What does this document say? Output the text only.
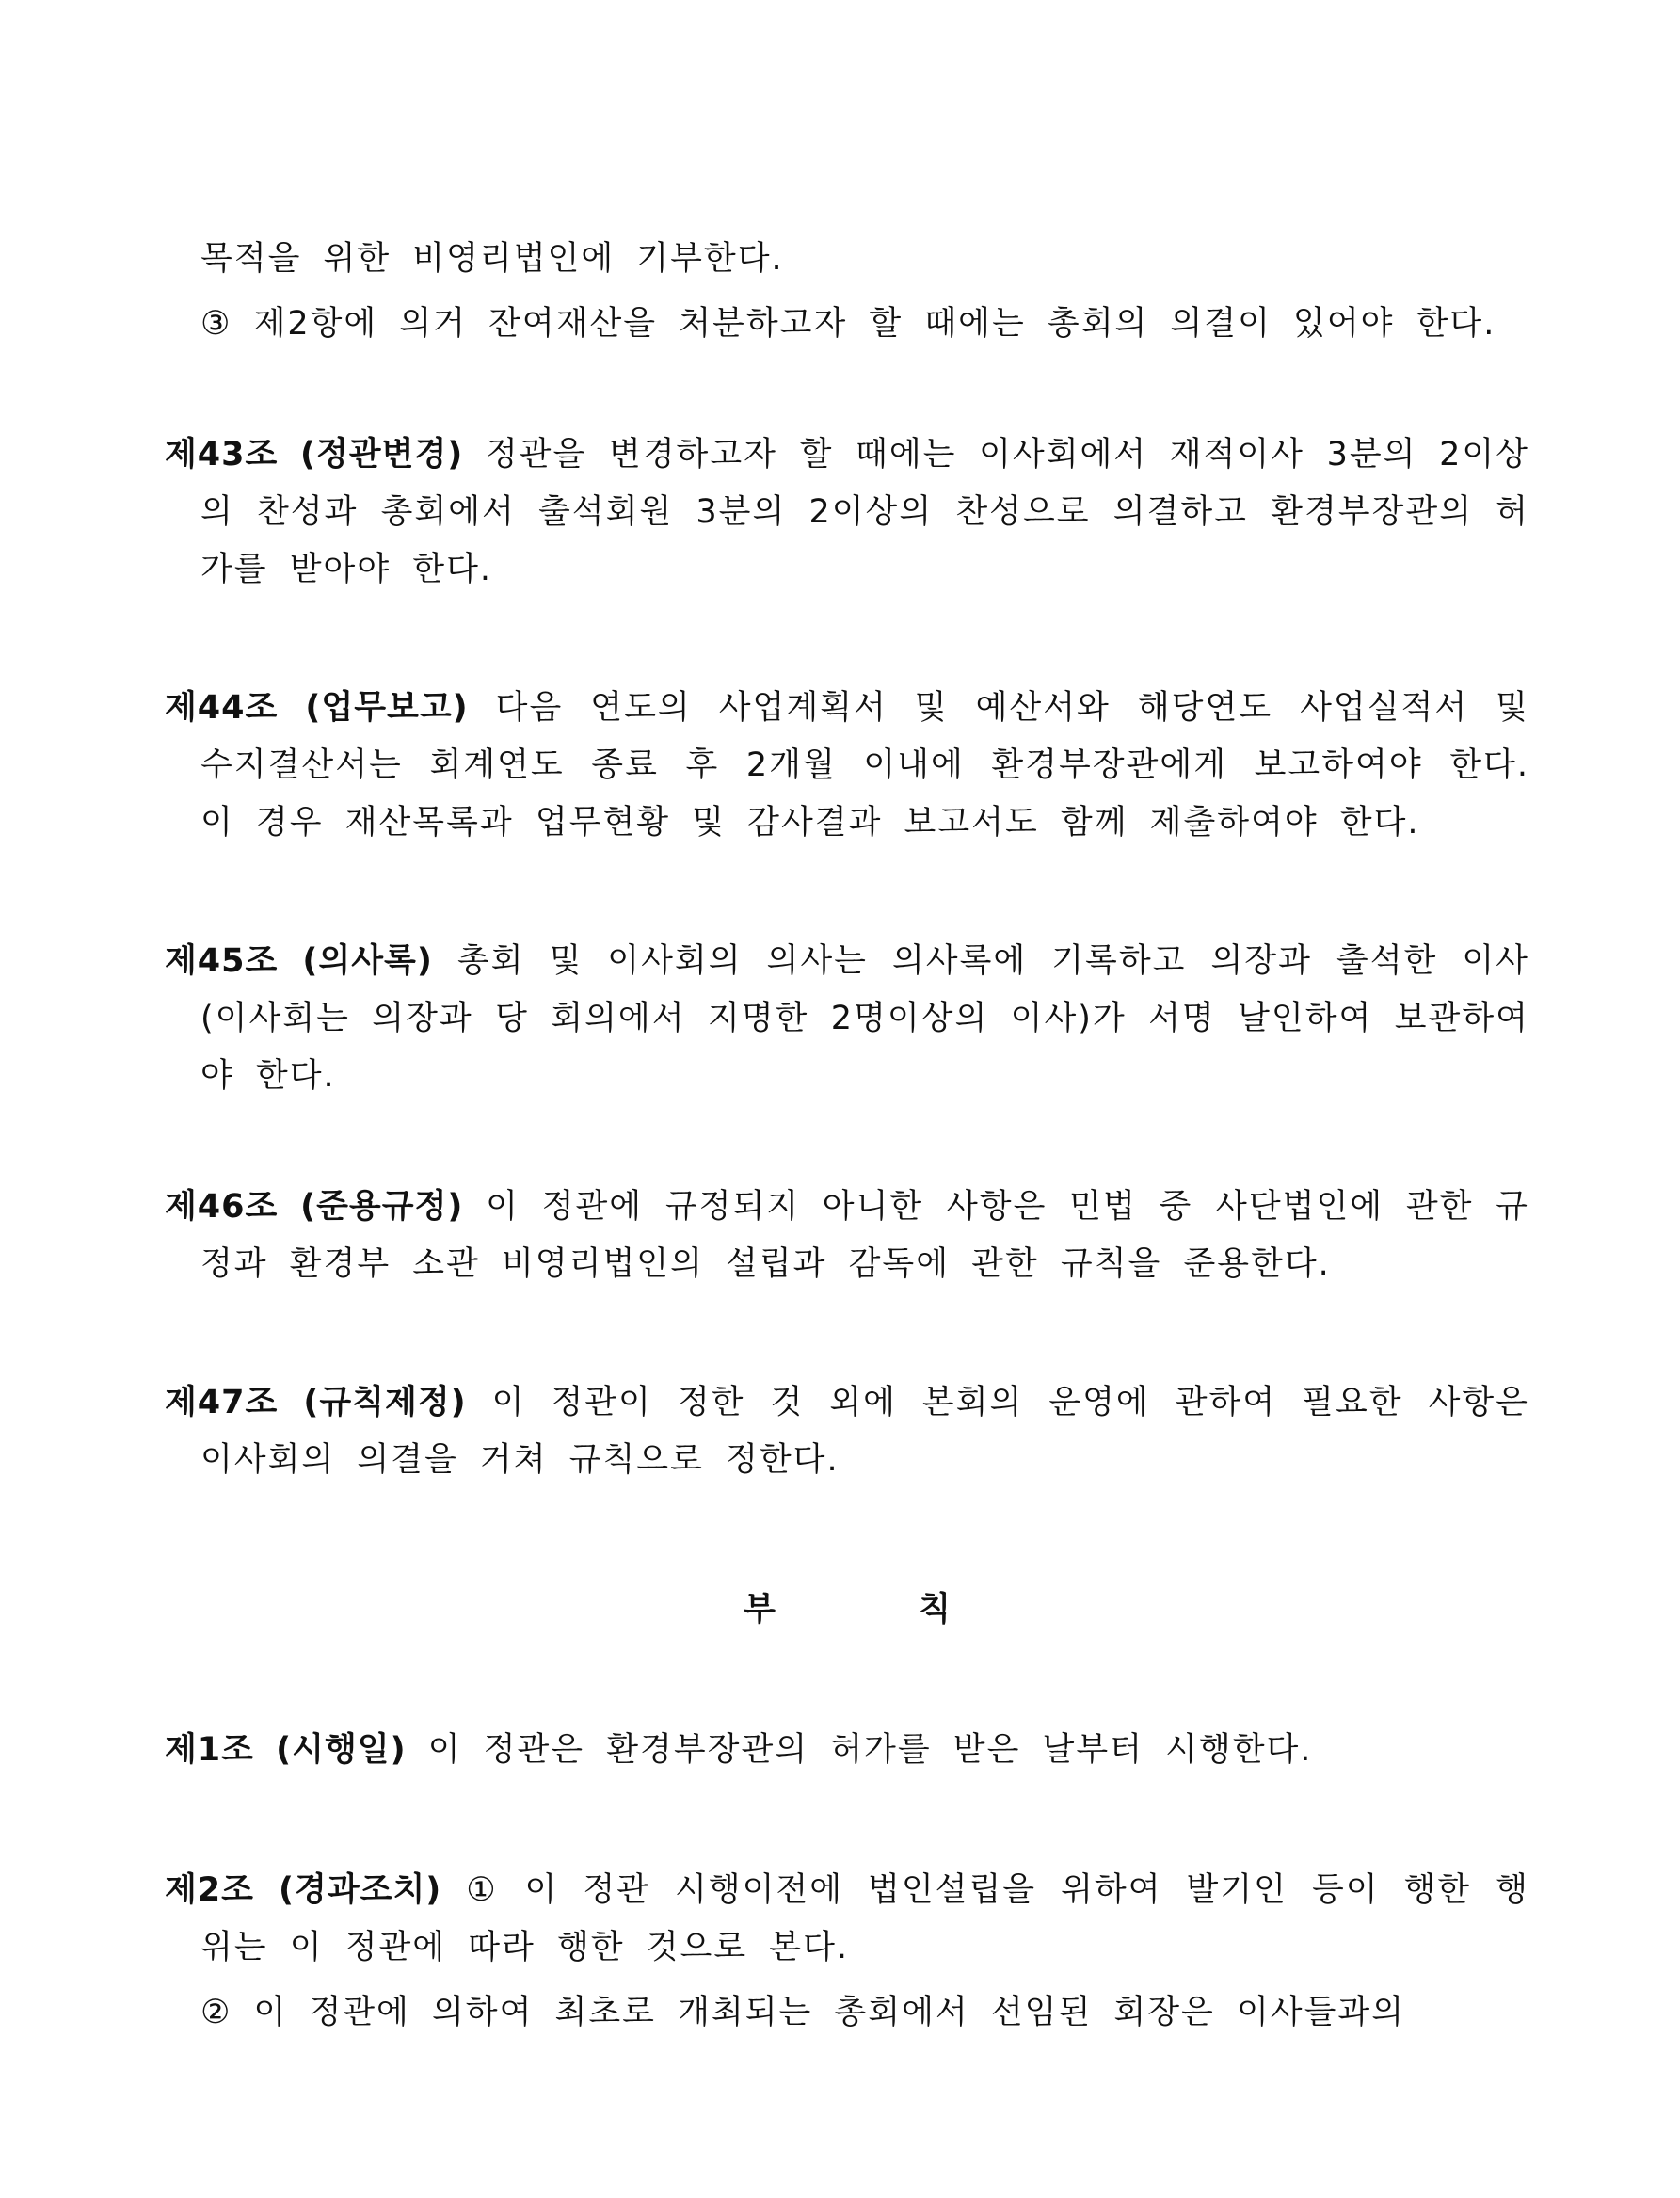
목적을 위한 비영리법인에 기부한다.

③ 제2항에 의거 잔여재산을 처분하고자 할 때에는 총회의 의결이 있어야 한다.

제43조 (정관변경) 정관을 변경하고자 할 때에는 이사회에서 재적이사 3분의 2이상의 찬성과 총회에서 출석회원 3분의 2이상의 찬성으로 의결하고 환경부장관의 허가를 받아야 한다.

제44조 (업무보고) 다음 연도의 사업계획서 및 예산서와 해당연도 사업실적서 및 수지결산서는 회계연도 종료 후 2개월 이내에 환경부장관에게 보고하여야 한다. 이 경우 재산목록과 업무현황 및 감사결과 보고서도 함께 제출하여야 한다.

제45조 (의사록) 총회 및 이사회의 의사는 의사록에 기록하고 의장과 출석한 이사(이사회는 의장과 당 회의에서 지명한 2명이상의 이사)가 서명 날인하여 보관하여야 한다.

제46조 (준용규정) 이 정관에 규정되지 아니한 사항은 민법 중 사단법인에 관한 규정과 환경부 소관 비영리법인의 설립과 감독에 관한 규칙을 준용한다.

제47조 (규칙제정) 이 정관이 정한 것 외에 본회의 운영에 관하여 필요한 사항은 이사회의 의결을 거쳐 규칙으로 정한다.

부 칙

제1조 (시행일) 이 정관은 환경부장관의 허가를 받은 날부터 시행한다.

제2조 (경과조치) ① 이 정관 시행이전에 법인설립을 위하여 발기인 등이 행한 행위는 이 정관에 따라 행한 것으로 본다.

② 이 정관에 의하여 최초로 개최되는 총회에서 선임된 회장은 이사들과의
